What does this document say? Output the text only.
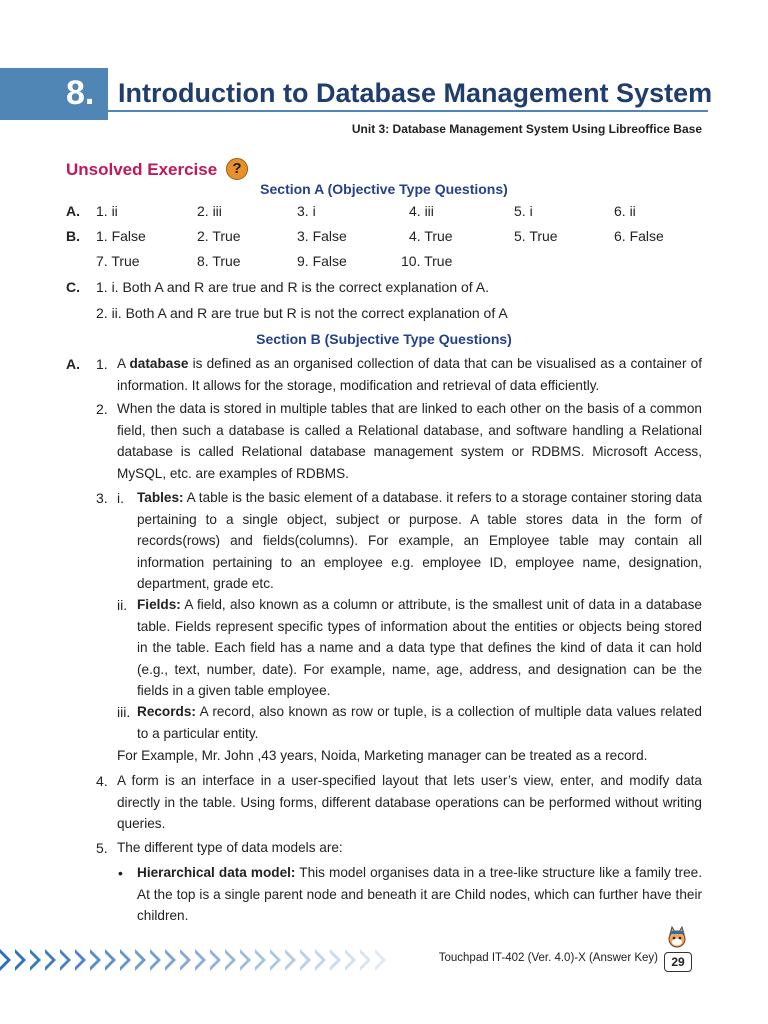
8. Introduction to Database Management System
Unit 3: Database Management System Using Libreoffice Base
Unsolved Exercise ?
Section A (Objective Type Questions)
A. 1. ii	2. iii	3. i	4. iii	5. i	6. ii
B. 1. False	2. True	3. False	4. True	5. True	6. False
7. True	8. True	9. False	10. True
C. 1. i. Both A and R are true and R is the correct explanation of A.
2. ii. Both A and R are true but R is not the correct explanation of A
Section B (Subjective Type Questions)
A. 1. A database is defined as an organised collection of data that can be visualised as a container of information. It allows for the storage, modification and retrieval of data efficiently.
2. When the data is stored in multiple tables that are linked to each other on the basis of a common field, then such a database is called a Relational database, and software handling a Relational database is called Relational database management system or RDBMS. Microsoft Access, MySQL, etc. are examples of RDBMS.
3. i. Tables: A table is the basic element of a database. it refers to a storage container storing data pertaining to a single object, subject or purpose. A table stores data in the form of records(rows) and fields(columns). For example, an Employee table may contain all information pertaining to an employee e.g. employee ID, employee name, designation, department, grade etc.
ii. Fields: A field, also known as a column or attribute, is the smallest unit of data in a database table. Fields represent specific types of information about the entities or objects being stored in the table. Each field has a name and a data type that defines the kind of data it can hold (e.g., text, number, date). For example, name, age, address, and designation can be the fields in a given table employee.
iii. Records: A record, also known as row or tuple, is a collection of multiple data values related to a particular entity.
For Example, Mr. John ,43 years, Noida, Marketing manager can be treated as a record.
4. A form is an interface in a user-specified layout that lets user’s view, enter, and modify data directly in the table. Using forms, different database operations can be performed without writing queries.
5. The different type of data models are:
• Hierarchical data model: This model organises data in a tree-like structure like a family tree. At the top is a single parent node and beneath it are Child nodes, which can further have their children.
Touchpad IT-402 (Ver. 4.0)-X (Answer Key)	29
